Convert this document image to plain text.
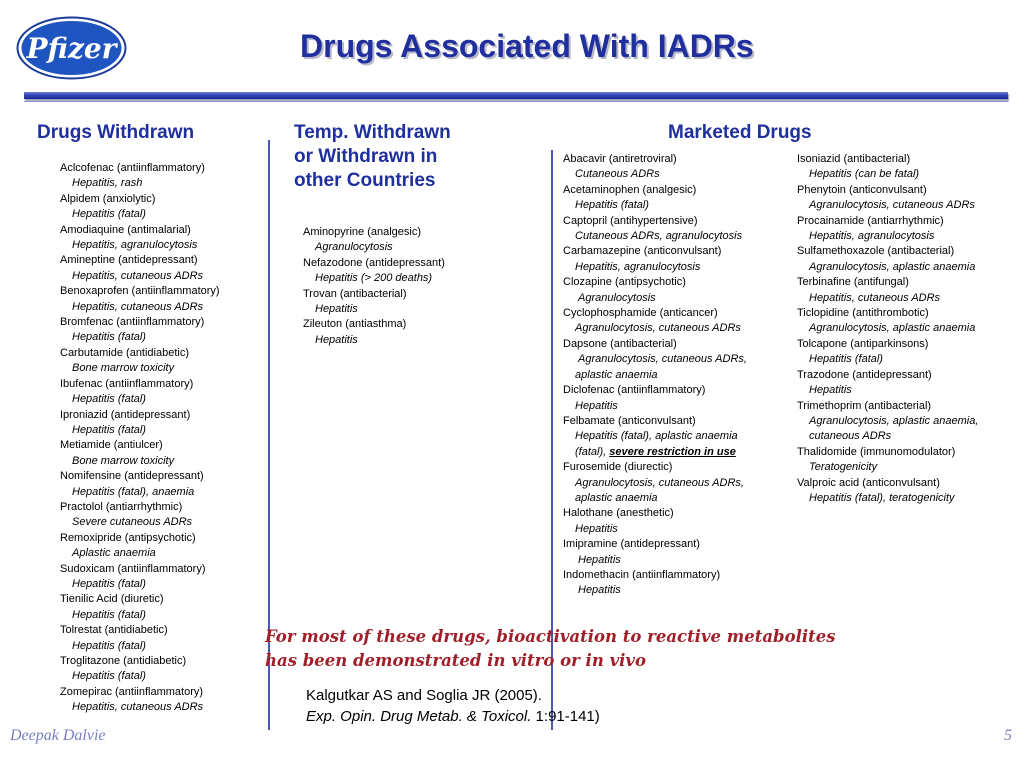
Pfizer	Drugs Associated With IADRs
Drugs Withdrawn	Temp. Withdrawn
or Withdrawn in
other Countries
Marketed Drugs
Aclcofenac (antiinflammatory)
Hepatitis, rash
Alpidem (anxiolytic)
Hepatitis (fatal)
Amodiaquine (antimalarial)
Hepatitis, agranulocytosis
Amineptine (antidepressant)
Hepatitis, cutaneous ADRs
Benoxaprofen (antiinflammatory)
Hepatitis, cutaneous ADRs
Bromfenac (antiinflammatory)
Hepatitis (fatal)
Carbutamide (antidiabetic)
Bone marrow toxicity
Ibufenac (antiinflammatory)
Hepatitis (fatal)
Iproniazid (antidepressant)
Hepatitis (fatal)
Metiamide (antiulcer)
Bone marrow toxicity
Nomifensine (antidepressant)
Hepatitis (fatal), anaemia
Practolol (antiarrhythmic)
Severe cutaneous ADRs
Remoxipride (antipsychotic)
Aplastic anaemia
Sudoxicam (antiinflammatory)
Hepatitis (fatal)
Tienilic Acid (diuretic)
Hepatitis (fatal)
Tolrestat (antidiabetic)
Hepatitis (fatal)
Troglitazone (antidiabetic)
Hepatitis (fatal)
Zomepirac (antiinflammatory)
Hepatitis, cutaneous ADRs
Aminopyrine (analgesic)
Agranulocytosis
Nefazodone (antidepressant)
Hepatitis (> 200 deaths)
Trovan (antibacterial)
Hepatitis
Zileuton (antiasthma)
Hepatitis
Abacavir (antiretroviral)
Cutaneous ADRs
Acetaminophen (analgesic)
Hepatitis (fatal)
Captopril (antihypertensive)
Cutaneous ADRs, agranulocytosis
Carbamazepine (anticonvulsant)
Hepatitis, agranulocytosis
Clozapine (antipsychotic)
Agranulocytosis
Cyclophosphamide (anticancer)
Agranulocytosis, cutaneous ADRs
Dapsone (antibacterial)
Agranulocytosis, cutaneous ADRs,
aplastic anaemia
Diclofenac (antiinflammatory)
Hepatitis
Felbamate (anticonvulsant)
Hepatitis (fatal), aplastic anaemia
(fatal), severe restriction in use
Furosemide (diurectic)
Agranulocytosis, cutaneous ADRs,
aplastic anaemia
Halothane (anesthetic)
Hepatitis
Imipramine (antidepressant)
Hepatitis
Indomethacin (antiinflammatory)
Hepatitis
Isoniazid (antibacterial)
Hepatitis (can be fatal)
Phenytoin (anticonvulsant)
Agranulocytosis, cutaneous ADRs
Procainamide (antiarrhythmic)
Hepatitis, agranulocytosis
Sulfamethoxazole (antibacterial)
Agranulocytosis, aplastic anaemia
Terbinafine (antifungal)
Hepatitis, cutaneous ADRs
Ticlopidine (antithrombotic)
Agranulocytosis, aplastic anaemia
Tolcapone (antiparkinsons)
Hepatitis (fatal)
Trazodone (antidepressant)
Hepatitis
Trimethoprim (antibacterial)
Agranulocytosis, aplastic anaemia,
cutaneous ADRs
Thalidomide (immunomodulator)
Teratogenicity
Valproic acid (anticonvulsant)
Hepatitis (fatal), teratogenicity
For most of these drugs, bioactivation to reactive metabolites
has been demonstrated in vitro or in vivo
Kalgutkar AS and Soglia JR (2005).
Exp. Opin. Drug Metab. & Toxicol. 1:91-141)
Deepak Dalvie	5
